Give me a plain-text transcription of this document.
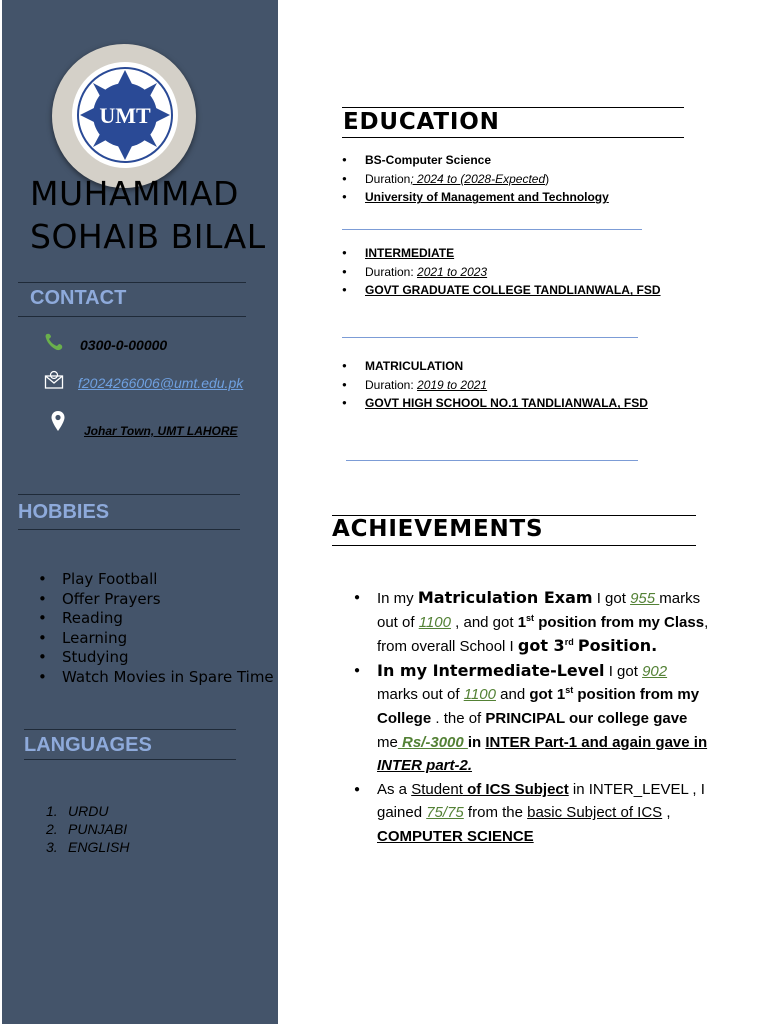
UMT
MUHAMMAD SOHAIB BILAL
CONTACT
0300-0-00000
f2024266006@umt.edu.pk
Johar Town, UMT LAHORE
HOBBIES
• Play Football
• Offer Prayers
• Reading
• Learning
• Studying
• Watch Movies in Spare Time
LANGUAGES
1. URDU
2. PUNJABI
3. ENGLISH
EDUCATION
● BS-Computer Science
● Duration; 2024 to (2028-Expected)
● University of Management and Technology
● INTERMEDIATE
● Duration: 2021 to 2023
● GOVT GRADUATE COLLEGE TANDLIANWALA, FSD
● MATRICULATION
● Duration: 2019 to 2021
● GOVT HIGH SCHOOL NO.1 TANDLIANWALA, FSD
ACHIEVEMENTS
● In my Matriculation Exam I got 955 marks out of 1100 , and got 1st position from my Class, from overall School I got 3rd Position.
● In my Intermediate-Level I got 902 marks out of 1100 and got 1st position from my College . the of PRINCIPAL our college gave me Rs/-3000 in INTER Part-1 and again gave in INTER part-2.
● As a Student of ICS Subject in INTER_LEVEL , I gained 75/75 from the basic Subject of ICS , COMPUTER SCIENCE
